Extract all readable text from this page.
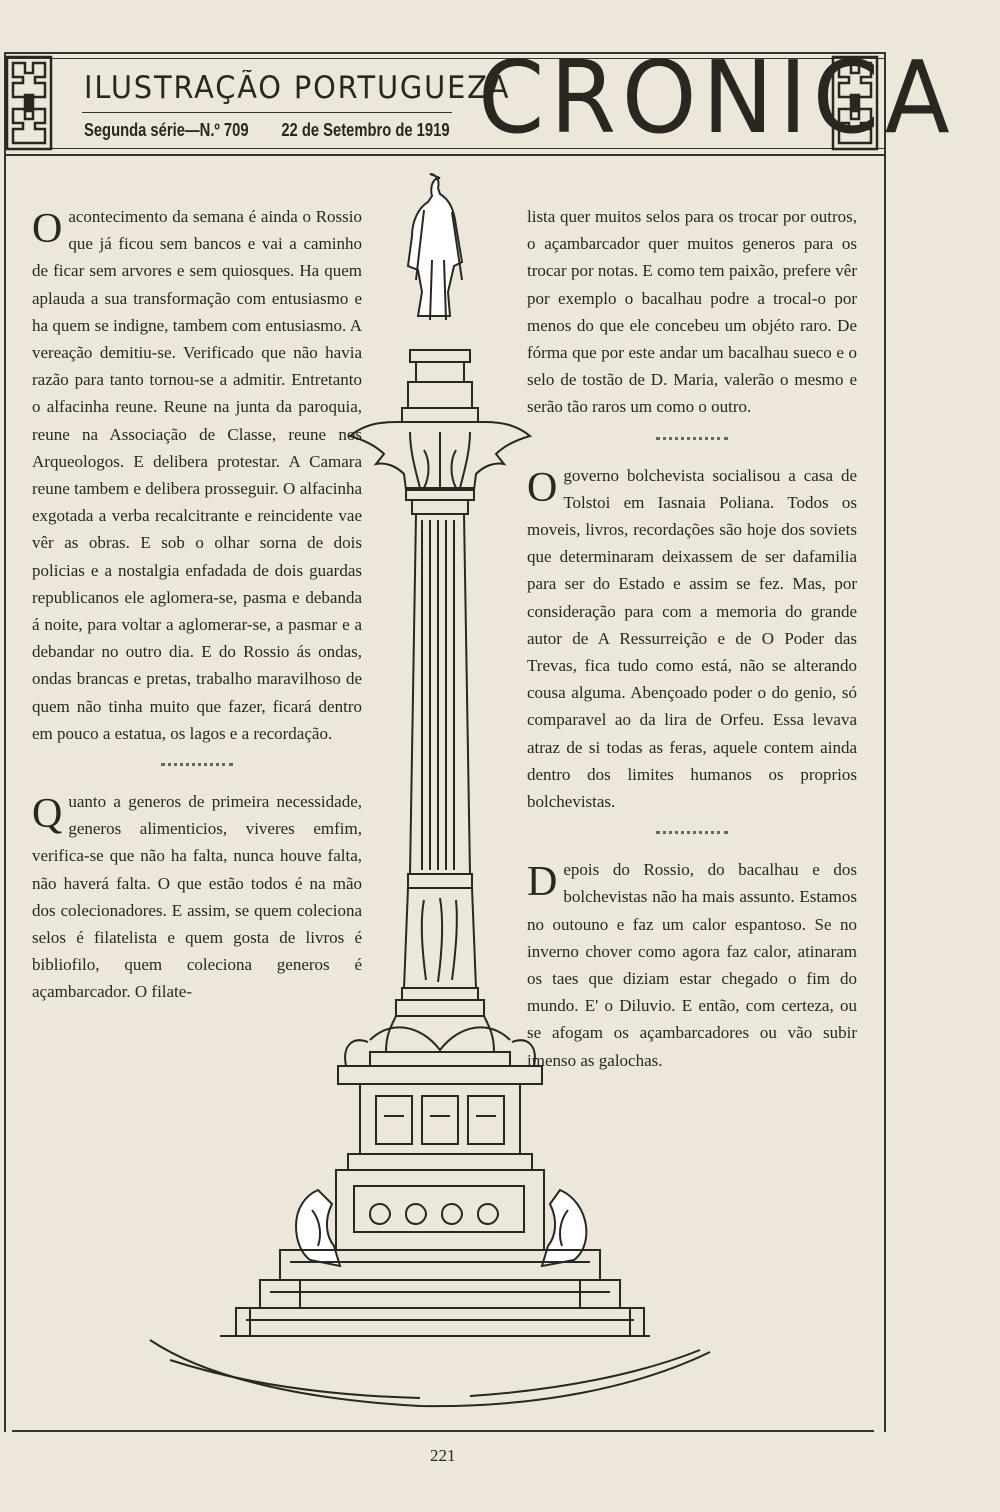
ILUSTRAÇÃO PORTUGUEZA
Segunda série—N.º 709 22 de Setembro de 1919 CRONICA

Oacontecimento da semana é ainda o Rossio que já ficou sem bancos e vai a caminho de ficar sem arvores e sem quiosques. Ha quem aplauda a sua transformação com entusiasmo e ha quem se indigne, tambem com entusiasmo. A vereação demitiu-se. Verificado que não havia razão para tanto tornou-se a admitir. Entretanto o alfacinha reune. Reune na junta da paroquia, reune na Associação de Classe, reune nos Arqueologos. E delibera protestar. A Camara reune tambem e delibera prosseguir. O alfacinha exgotada a verba recalcitrante e reincidente vae vêr as obras. E sob o olhar sorna de dois policias e a nostalgia enfadada de dois guardas republicanos ele aglomera-se, pasma e debanda á noite, para voltar a aglomerar-se, a pasmar e a debandar no outro dia. E do Rossio ás ondas, ondas brancas e pretas, trabalho maravilhoso de quem não tinha muito que fazer, ficará dentro em pouco a estatua, os lagos e a recordação.

Quanto a generos de primeira necessidade, generos alimenticios, viveres emfim, verifica-se que não ha falta, nunca houve falta, não haverá falta. O que estão todos é na mão dos colecionadores. E assim, se quem coleciona selos é filatelista e quem gosta de livros é bibliofilo, quem coleciona generos é açambarcador. O filate-

lista quer muitos selos para os trocar por outros, o açambarcador quer muitos generos para os trocar por notas. E como tem paixão, prefere vêr por exemplo o bacalhau podre a trocal-o por menos do que ele concebeu um objéto raro. De fórma que por este andar um bacalhau sueco e o selo de tostão de D. Maria, valerão o mesmo e serão tão raros um como o outro.

Ogoverno bolchevista socialisou a casa de Tolstoi em Iasnaia Poliana. Todos os moveis, livros, recordações são hoje dos soviets que determinaram deixassem de ser dafamilia para ser do Estado e assim se fez. Mas, por consideração para com a memoria do grande autor de A Ressurreição e de O Poder das Trevas, fica tudo como está, não se alterando cousa alguma. Abençoado poder o do genio, só comparavel ao da lira de Orfeu. Essa levava atraz de si todas as feras, aquele contem ainda dentro dos limites humanos os proprios bolchevistas.

Depois do Rossio, do bacalhau e dos bolchevistas não ha mais assunto. Estamos no outouno e faz um calor espantoso. Se no inverno chover como agora faz calor, atinaram os taes que diziam estar chegado o fim do mundo. E' o Diluvio. E então, com certeza, ou se afogam os açambarcadores ou vão subir imenso as galochas.

221
